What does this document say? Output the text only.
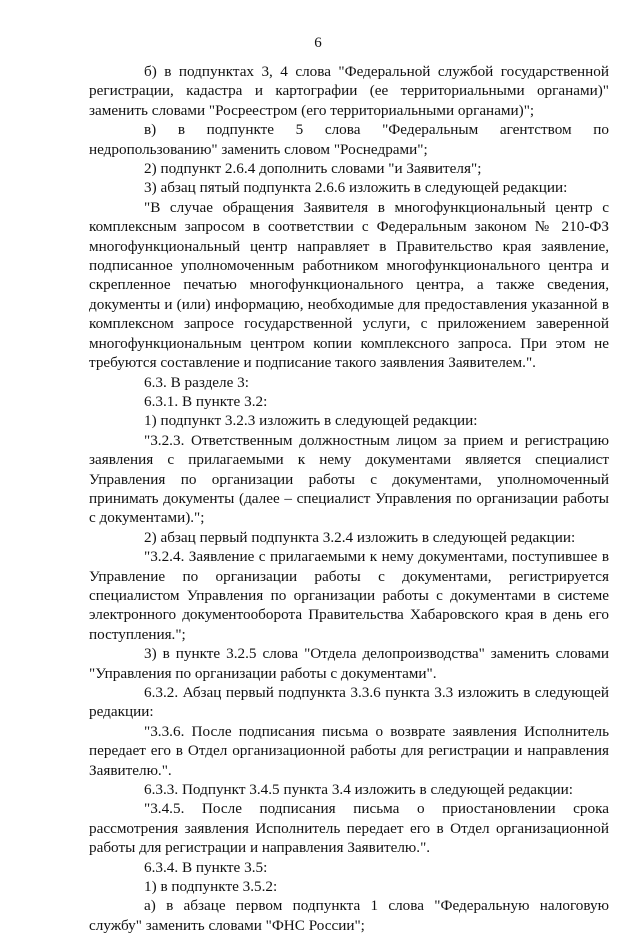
6

б) в подпунктах 3, 4 слова "Федеральной службой государственной регистрации, кадастра и картографии (ее территориальными органами)" заменить словами "Росреестром (его территориальными органами)";

в) в подпункте 5 слова "Федеральным агентством по недропользованию" заменить словом "Роснедрами";

2) подпункт 2.6.4 дополнить словами "и Заявителя";

3) абзац пятый подпункта 2.6.6 изложить в следующей редакции:

"В случае обращения Заявителя в многофункциональный центр с комплексным запросом в соответствии с Федеральным законом № 210-ФЗ многофункциональный центр направляет в Правительство края заявление, подписанное уполномоченным работником многофункционального центра и скрепленное печатью многофункционального центра, а также сведения, документы и (или) информацию, необходимые для предоставления указанной в комплексном запросе государственной услуги, с приложением заверенной многофункциональным центром копии комплексного запроса. При этом не требуются составление и подписание такого заявления Заявителем.".

6.3. В разделе 3:

6.3.1. В пункте 3.2:

1) подпункт 3.2.3 изложить в следующей редакции:

"3.2.3. Ответственным должностным лицом за прием и регистрацию заявления с прилагаемыми к нему документами является специалист Управления по организации работы с документами, уполномоченный принимать документы (далее – специалист Управления по организации работы с документами).";

2) абзац первый подпункта 3.2.4 изложить в следующей редакции:

"3.2.4. Заявление с прилагаемыми к нему документами, поступившее в Управление по организации работы с документами, регистрируется специалистом Управления по организации работы с документами в системе электронного документооборота Правительства Хабаровского края в день его поступления.";

3) в пункте 3.2.5 слова "Отдела делопроизводства" заменить словами "Управления по организации работы с документами".

6.3.2. Абзац первый подпункта 3.3.6 пункта 3.3 изложить в следующей редакции:

"3.3.6. После подписания письма о возврате заявления Исполнитель передает его в Отдел организационной работы для регистрации и направления Заявителю.".

6.3.3. Подпункт 3.4.5 пункта 3.4 изложить в следующей редакции:

"3.4.5. После подписания письма о приостановлении срока рассмотрения заявления Исполнитель передает его в Отдел организационной работы для регистрации и направления Заявителю.".

6.3.4. В пункте 3.5:

1) в подпункте 3.5.2:

а) в абзаце первом подпункта 1 слова "Федеральную налоговую службу" заменить словами "ФНС России";
